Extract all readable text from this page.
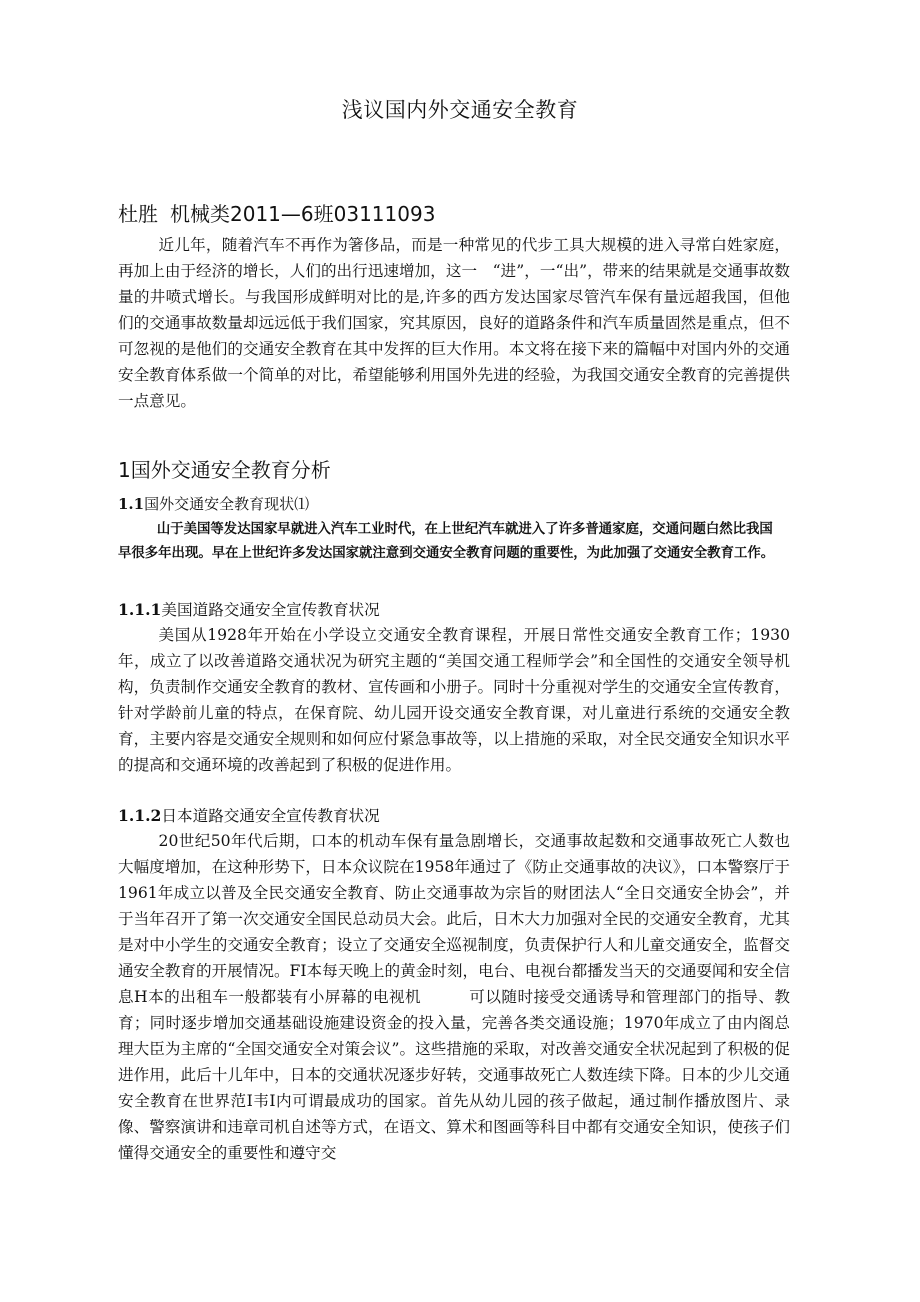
浅议国内外交通安全教育

杜胜 机械类2011—6班03111093

近儿年，随着汽车不再作为箸侈品，而是一种常见的代步工具大规模的进入寻常白姓家庭，再加上由于经济的增长，人们的出行迅速增加，这一　“进”，一“出”，带来的结果就是交通事故数量的井喷式增长。与我国形成鲜明对比的是,许多的西方发达国家尽管汽车保有量远超我国，但他们的交通事故数量却远远低于我们国家，究其原因，良好的道路条件和汽车质量固然是重点，但不可忽视的是他们的交通安全教育在其中发挥的巨大作用。本文将在接下来的篇幅中对国内外的交通安全教育体系做一个简单的对比，希望能够利用国外先进的经验，为我国交通安全教育的完善提供一点意见。

1国外交通安全教育分析
1.1国外交通安全教育现状⑴

山于美国等发达国家早就进入汽车工业时代，在上世纪汽车就进入了许多普通家庭，交通问题白然比我国早很多年出现。早在上世纪许多发达国家就注意到交通安全教育问题的重要性，为此加强了交通安全教育工作。

1.1.1美国道路交通安全宣传教育状况

美国从1928年开始在小学设立交通安全教育课程，开展日常性交通安全教育工作；1930年，成立了以改善道路交通状况为研究主题的“美国交通工程师学会”和全国性的交通安全领导机构，负责制作交通安全教育的教材、宣传画和小册子。同时十分重视对学生的交通安全宣传教育，针对学龄前儿童的特点，在保育院、幼儿园开设交通安全教育课，对儿童进行系统的交通安全教育，主要内容是交通安全规则和如何应付紧急事故等，以上措施的采取，对全民交通安全知识水平的提高和交通环境的改善起到了积极的促进作用。

1.1.2日本道路交通安全宣传教育状况

20世纪50年代后期，口本的机动车保有量急剧增长，交通事故起数和交通事故死亡人数也大幅度增加，在这种形势下，日本众议院在1958年通过了《防止交通事故的决议》，口本警察厅于1961年成立以普及全民交通安全教育、防止交通事故为宗旨的财团法人“全日交通安全协会”，并于当年召开了第一次交通安全国民总动员大会。此后，日木大力加强对全民的交通安全教育，尤其是对中小学生的交通安全教育；设立了交通安全巡视制度，负责保护行人和儿童交通安全，监督交通安全教育的开展情况。FI本每天晚上的黄金时刻，电台、电视台都播发当天的交通耍闻和安全信息H本的出租车一般都装有小屏幕的电视机　　　可以随时接受交通诱导和管理部门的指导、教育；同时逐步增加交通基础设施建设资金的投入量，完善各类交通设施；1970年成立了由内阁总理大臣为主席的“全国交通安全对策会议”。这些措施的采取，对改善交通安全状况起到了积极的促进作用，此后十儿年中，日本的交通状况逐步好转，交通事故死亡人数连续下降。日本的少儿交通安全教育在世界范I韦I内可谓最成功的国家。首先从幼儿园的孩子做起，通过制作播放图片、录像、警察演讲和违章司机自述等方式，在语文、算术和图画等科目中都有交通安全知识，使孩子们懂得交通安全的重要性和遵守交
